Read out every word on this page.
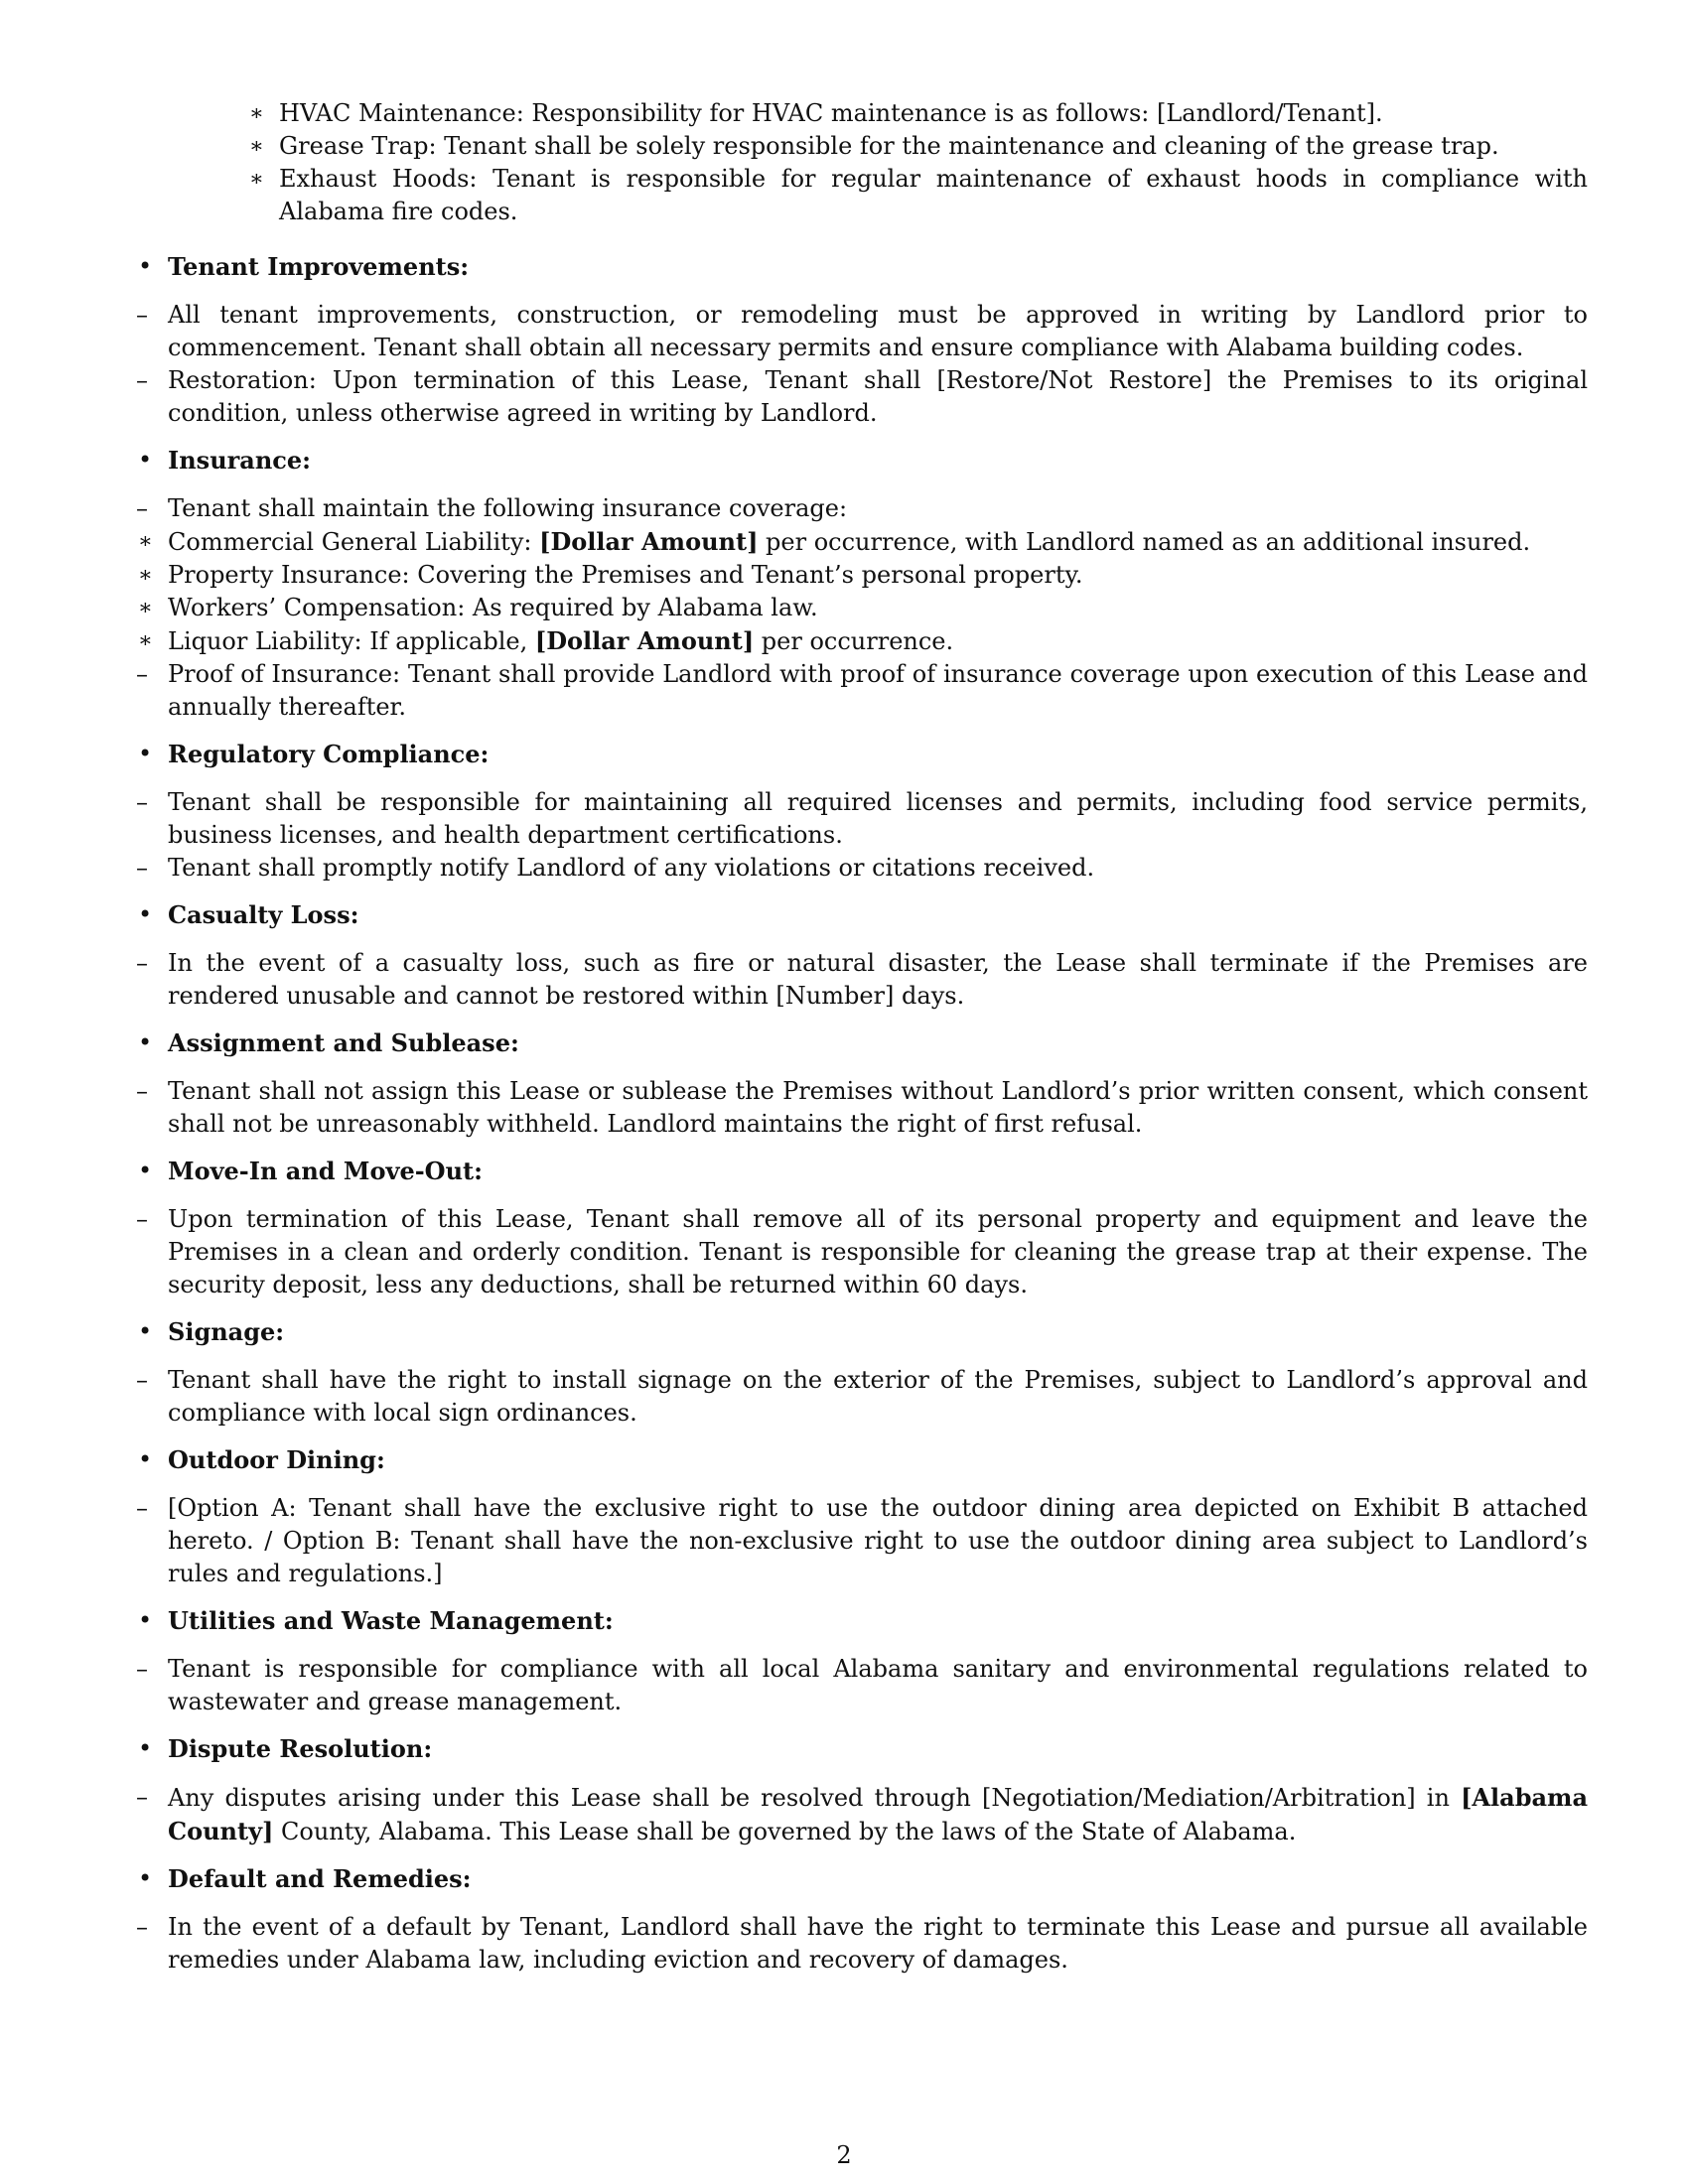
∗ HVAC Maintenance: Responsibility for HVAC maintenance is as follows: [Landlord/Tenant].
∗ Grease Trap: Tenant shall be solely responsible for the maintenance and cleaning of the grease trap.
∗ Exhaust Hoods: Tenant is responsible for regular maintenance of exhaust hoods in compliance with Alabama fire codes.
• Tenant Improvements:
– All tenant improvements, construction, or remodeling must be approved in writing by Landlord prior to commencement. Tenant shall obtain all necessary permits and ensure compliance with Alabama building codes.
– Restoration: Upon termination of this Lease, Tenant shall [Restore/Not Restore] the Premises to its original condition, unless otherwise agreed in writing by Landlord.
• Insurance:
– Tenant shall maintain the following insurance coverage:
∗ Commercial General Liability: [Dollar Amount] per occurrence, with Landlord named as an additional insured.
∗ Property Insurance: Covering the Premises and Tenant’s personal property.
∗ Workers’ Compensation: As required by Alabama law.
∗ Liquor Liability: If applicable, [Dollar Amount] per occurrence.
– Proof of Insurance: Tenant shall provide Landlord with proof of insurance coverage upon execution of this Lease and annually thereafter.
• Regulatory Compliance:
– Tenant shall be responsible for maintaining all required licenses and permits, including food service permits, business licenses, and health department certifications.
– Tenant shall promptly notify Landlord of any violations or citations received.
• Casualty Loss:
– In the event of a casualty loss, such as fire or natural disaster, the Lease shall terminate if the Premises are rendered unusable and cannot be restored within [Number] days.
• Assignment and Sublease:
– Tenant shall not assign this Lease or sublease the Premises without Landlord’s prior written consent, which consent shall not be unreasonably withheld. Landlord maintains the right of first refusal.
• Move-In and Move-Out:
– Upon termination of this Lease, Tenant shall remove all of its personal property and equipment and leave the Premises in a clean and orderly condition. Tenant is responsible for cleaning the grease trap at their expense. The security deposit, less any deductions, shall be returned within 60 days.
• Signage:
– Tenant shall have the right to install signage on the exterior of the Premises, subject to Landlord’s approval and compliance with local sign ordinances.
• Outdoor Dining:
– [Option A: Tenant shall have the exclusive right to use the outdoor dining area depicted on Exhibit B attached hereto. / Option B: Tenant shall have the non-exclusive right to use the outdoor dining area subject to Landlord’s rules and regulations.]
• Utilities and Waste Management:
– Tenant is responsible for compliance with all local Alabama sanitary and environmental regulations related to wastewater and grease management.
• Dispute Resolution:
– Any disputes arising under this Lease shall be resolved through [Negotiation/Mediation/Arbitration] in [Alabama County] County, Alabama. This Lease shall be governed by the laws of the State of Alabama.
• Default and Remedies:
– In the event of a default by Tenant, Landlord shall have the right to terminate this Lease and pursue all available remedies under Alabama law, including eviction and recovery of damages.
2
